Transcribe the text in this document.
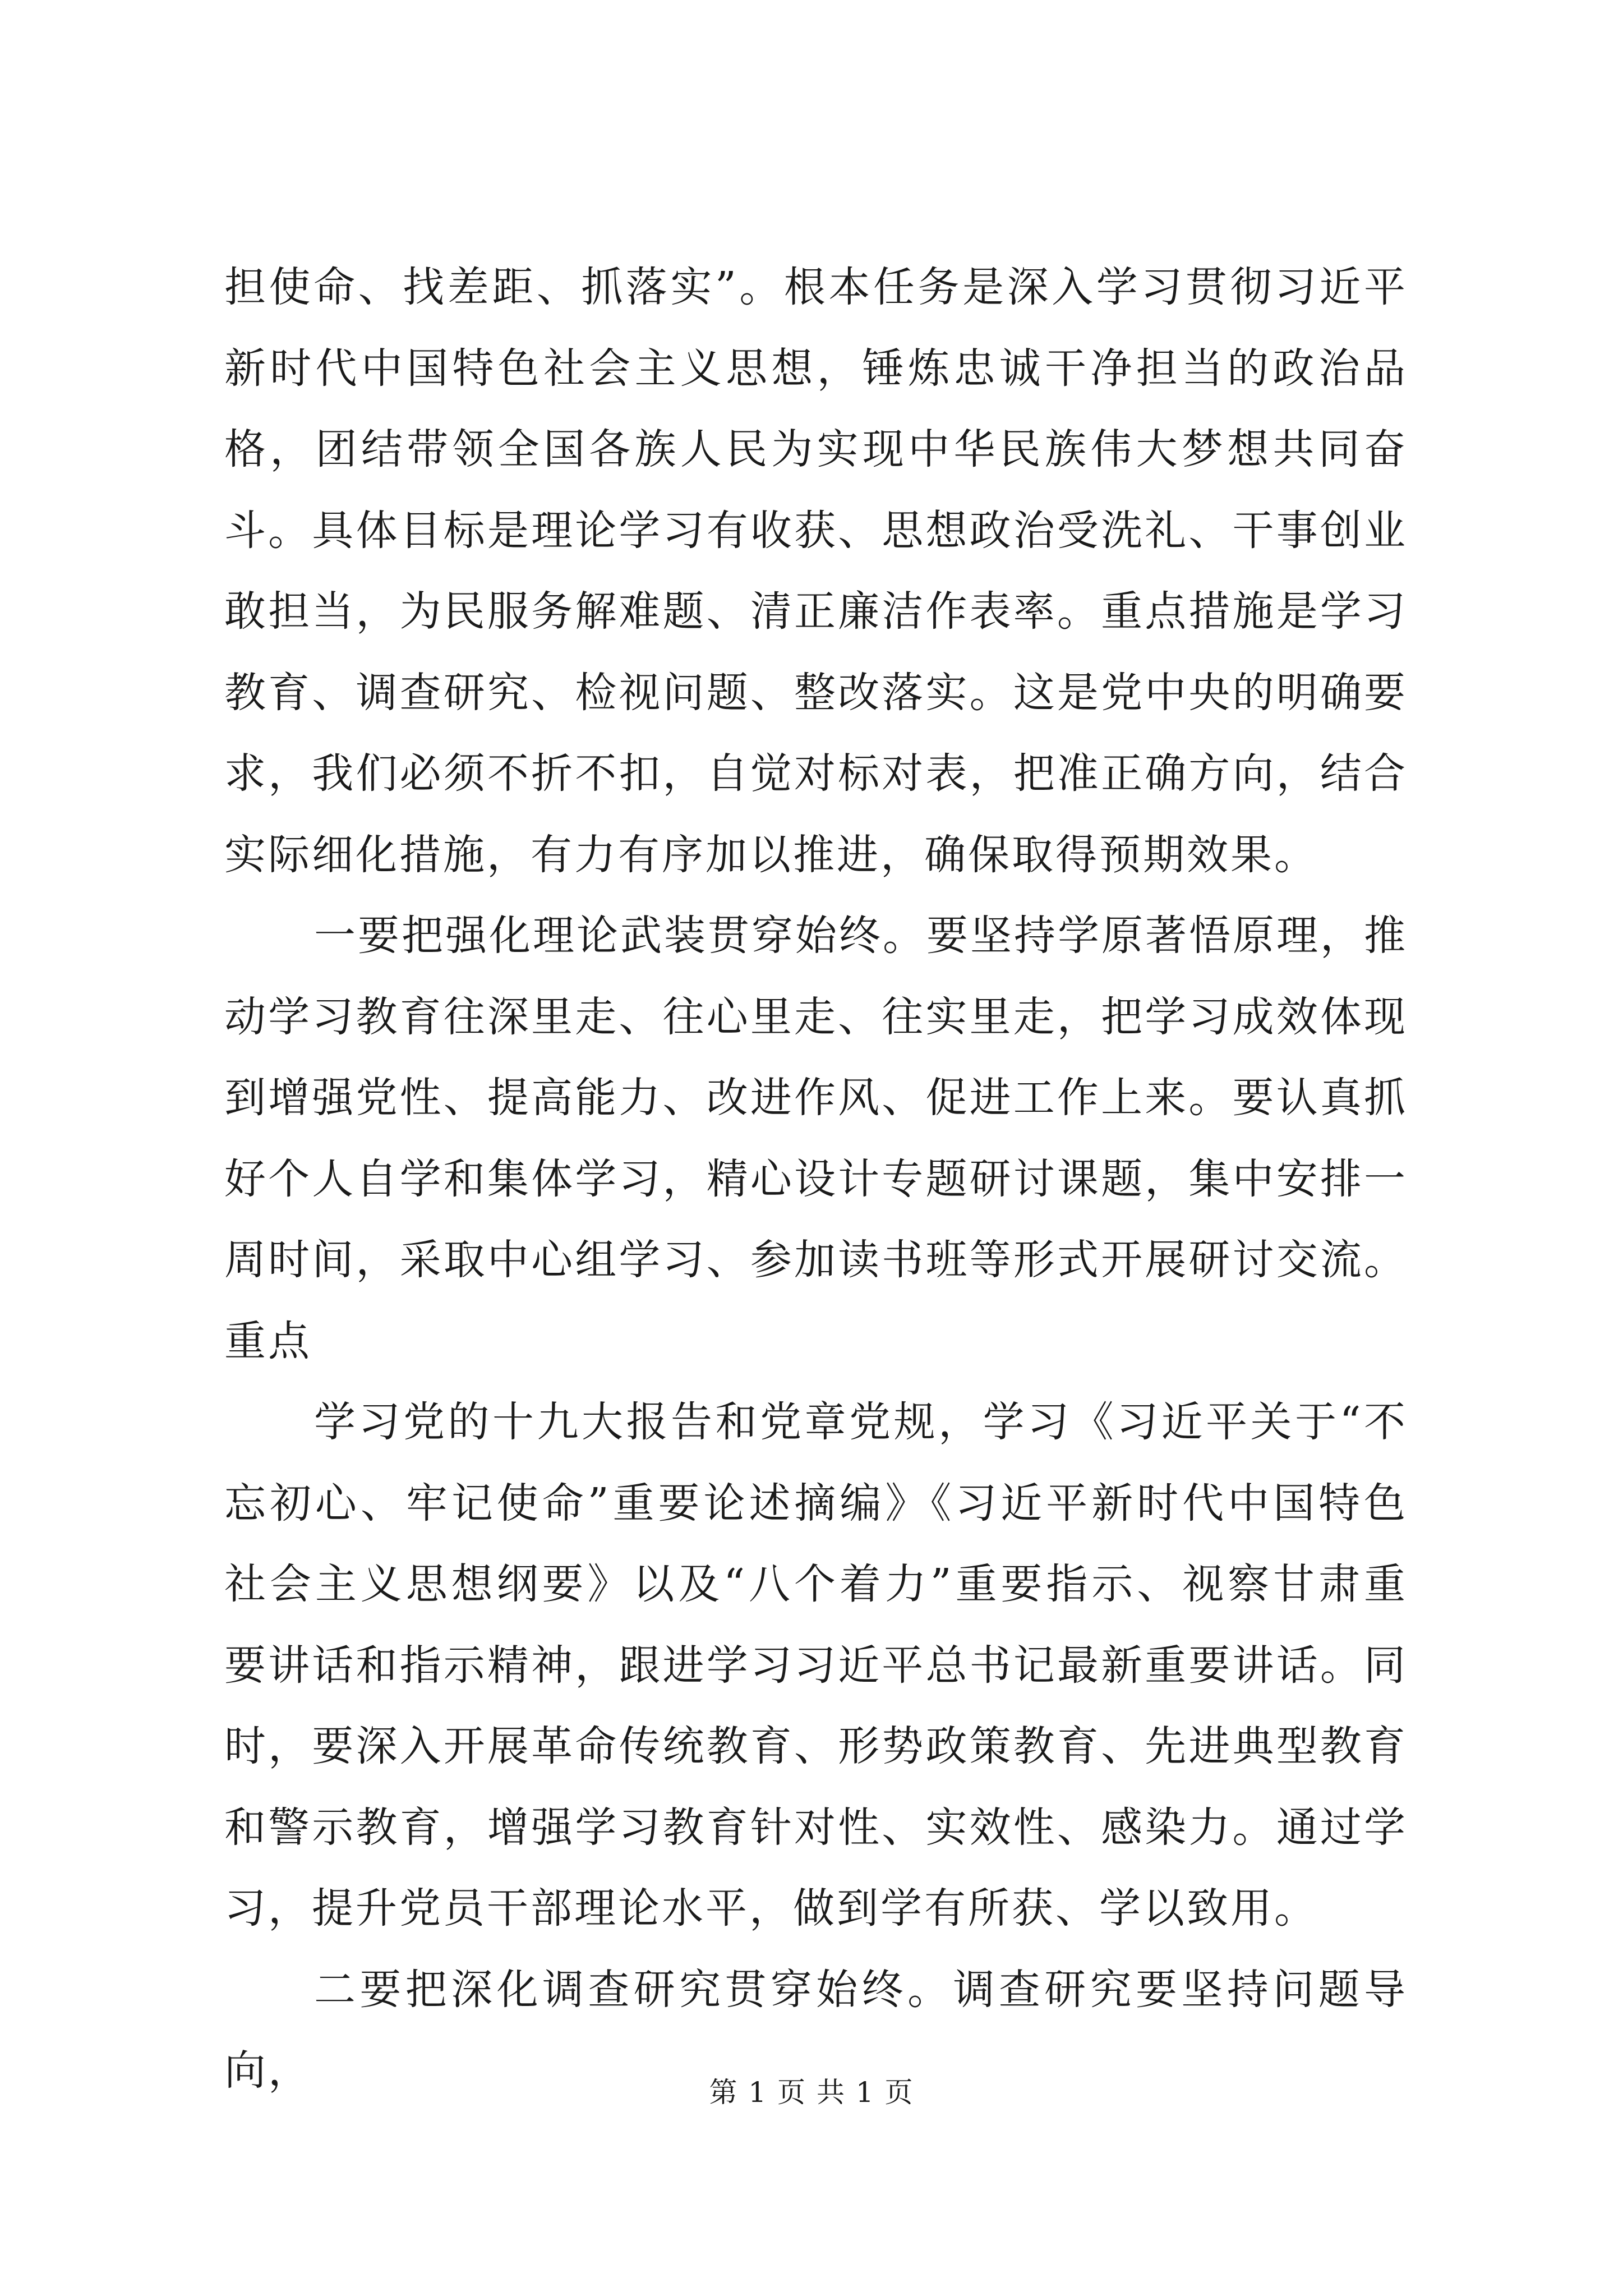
担使命、找差距、抓落实”。根本任务是深入学习贯彻习近平新时代中国特色社会主义思想，锤炼忠诚干净担当的政治品格，团结带领全国各族人民为实现中华民族伟大梦想共同奋斗。具体目标是理论学习有收获、思想政治受洗礼、干事创业敢担当，为民服务解难题、清正廉洁作表率。重点措施是学习教育、调查研究、检视问题、整改落实。这是党中央的明确要求，我们必须不折不扣，自觉对标对表，把准正确方向，结合实际细化措施，有力有序加以推进，确保取得预期效果。

一要把强化理论武装贯穿始终。要坚持学原著悟原理，推动学习教育往深里走、往心里走、往实里走，把学习成效体现到增强党性、提高能力、改进作风、促进工作上来。要认真抓好个人自学和集体学习，精心设计专题研讨课题，集中安排一周时间，采取中心组学习、参加读书班等形式开展研讨交流。重点

学习党的十九大报告和党章党规，学习《习近平关于“不忘初心、牢记使命”重要论述摘编》《习近平新时代中国特色社会主义思想纲要》以及“八个着力”重要指示、视察甘肃重要讲话和指示精神，跟进学习习近平总书记最新重要讲话。同时，要深入开展革命传统教育、形势政策教育、先进典型教育和警示教育，增强学习教育针对性、实效性、感染力。通过学习，提升党员干部理论水平，做到学有所获、学以致用。

二要把深化调查研究贯穿始终。调查研究要坚持问题导向，	第 1 页 共 1 页
